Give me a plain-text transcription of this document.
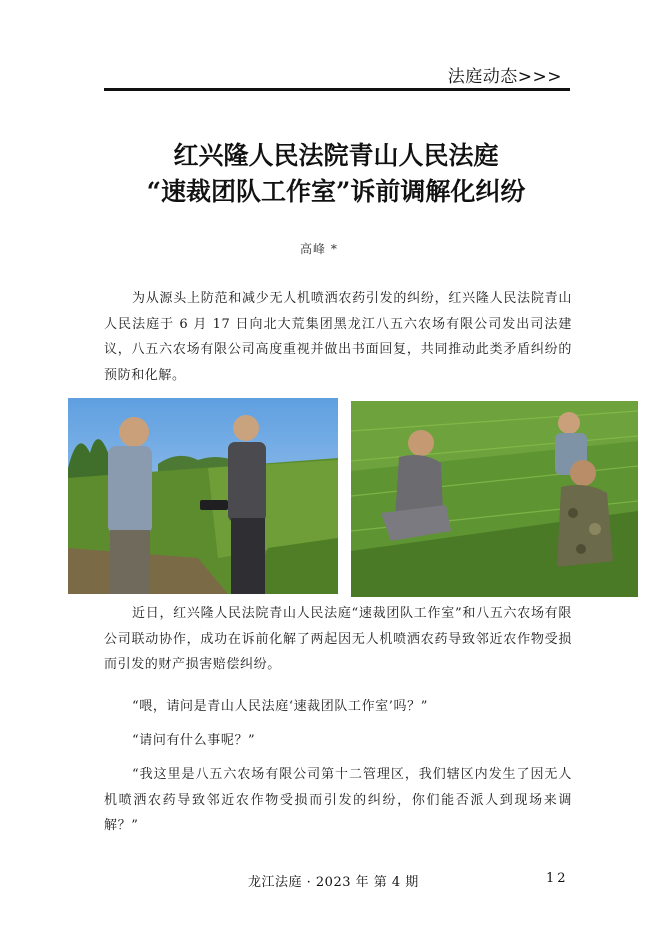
法庭动态>>>
红兴隆人民法院青山人民法庭
“速裁团队工作室”诉前调解化纠纷
高峰 *

为从源头上防范和减少无人机喷洒农药引发的纠纷，红兴隆人民法院青山人民法庭于 6 月 17 日向北大荒集团黑龙江八五六农场有限公司发出司法建议，八五六农场有限公司高度重视并做出书面回复，共同推动此类矛盾纠纷的预防和化解。

近日，红兴隆人民法院青山人民法庭“速裁团队工作室”和八五六农场有限公司联动协作，成功在诉前化解了两起因无人机喷洒农药导致邻近农作物受损而引发的财产损害赔偿纠纷。

“喂，请问是青山人民法庭‘速裁团队工作室’吗？”

“请问有什么事呢？”

“我这里是八五六农场有限公司第十二管理区，我们辖区内发生了因无人机喷洒农药导致邻近农作物受损而引发的纠纷，你们能否派人到现场来调解？”

龙江法庭 · 2023 年 第 4 期	12
